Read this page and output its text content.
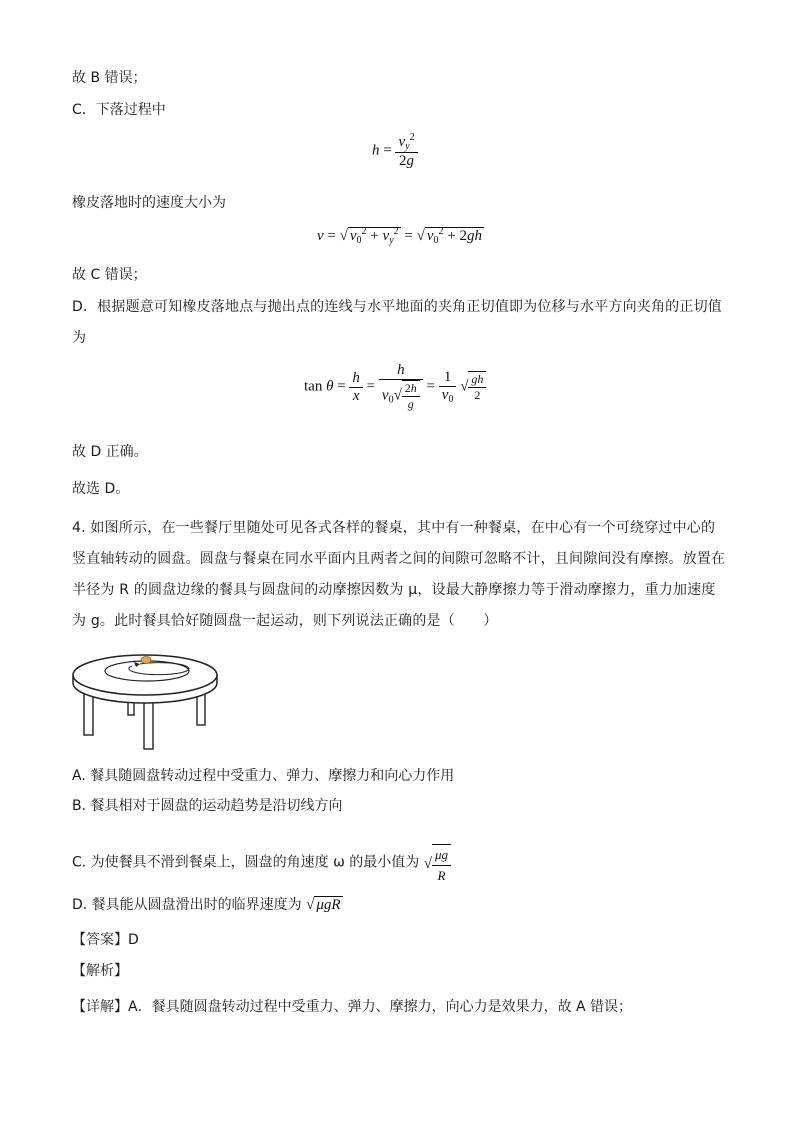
故 B 错误；
C．下落过程中
$h = \frac{v_y^2}{2g}$
橡皮落地时的速度大小为
v = √ $v_0^2 + v_y^2$ = √ $v_0^2 + 2gh$
故 C 错误；
D．根据题意可知橡皮落地点与抛出点的连线与水平地面的夹角正切值即为位移与水平方向夹角的正切值为
$\tan \theta = \frac{h}{x} = \frac{h}{v_0√ \frac{2h}{g}} = \frac{1}{v_0}$ √ $\frac{gh}{2}$
故 D 正确。
故选 D。
4. 如图所示，在一些餐厅里随处可见各式各样的餐桌，其中有一种餐桌，在中心有一个可绕穿过中心的竖直轴转动的圆盘。圆盘与餐桌在同水平面内且两者之间的间隙可忽略不计，且间隙间没有摩擦。放置在半径为 R 的圆盘边缘的餐具与圆盘间的动摩擦因数为 μ，设最大静摩擦力等于滑动摩擦力，重力加速度为 g。此时餐具恰好随圆盘一起运动，则下列说法正确的是（　　）
A. 餐具随圆盘转动过程中受重力、弹力、摩擦力和向心力作用
B. 餐具相对于圆盘的运动趋势是沿切线方向
C. 为使餐具不滑到餐桌上，圆盘的角速度 ω 的最小值为 √ $\frac{\mu g}{R}$
D. 餐具能从圆盘滑出时的临界速度为 √ μgR
【答案】D
【解析】
【详解】A．餐具随圆盘转动过程中受重力、弹力、摩擦力，向心力是效果力，故 A 错误；
